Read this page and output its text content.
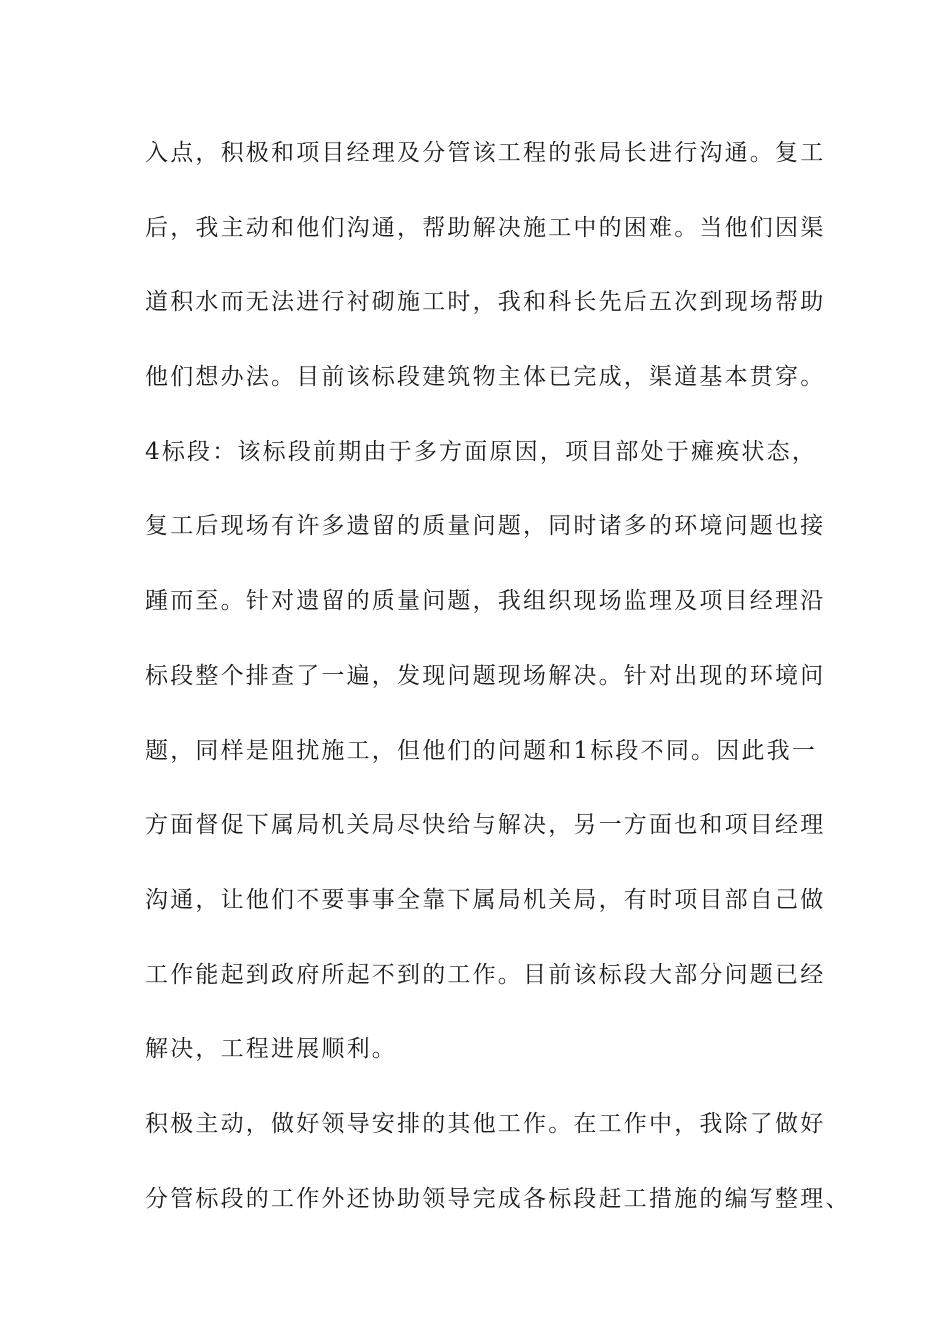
入点，积极和项目经理及分管该工程的张局长进行沟通。复工
后，我主动和他们沟通，帮助解决施工中的困难。当他们因渠
道积水而无法进行衬砌施工时，我和科长先后五次到现场帮助
他们想办法。目前该标段建筑物主体已完成，渠道基本贯穿。
4标段：该标段前期由于多方面原因，项目部处于瘫痪状态，
复工后现场有许多遗留的质量问题，同时诸多的环境问题也接
踵而至。针对遗留的质量问题，我组织现场监理及项目经理沿
标段整个排查了一遍，发现问题现场解决。针对出现的环境问
题，同样是阻扰施工，但他们的问题和1标段不同。因此我一
方面督促下属局机关局尽快给与解决，另一方面也和项目经理
沟通，让他们不要事事全靠下属局机关局，有时项目部自己做
工作能起到政府所起不到的工作。目前该标段大部分问题已经
解决，工程进展顺利。
积极主动，做好领导安排的其他工作。在工作中，我除了做好
分管标段的工作外还协助领导完成各标段赶工措施的编写整理、
